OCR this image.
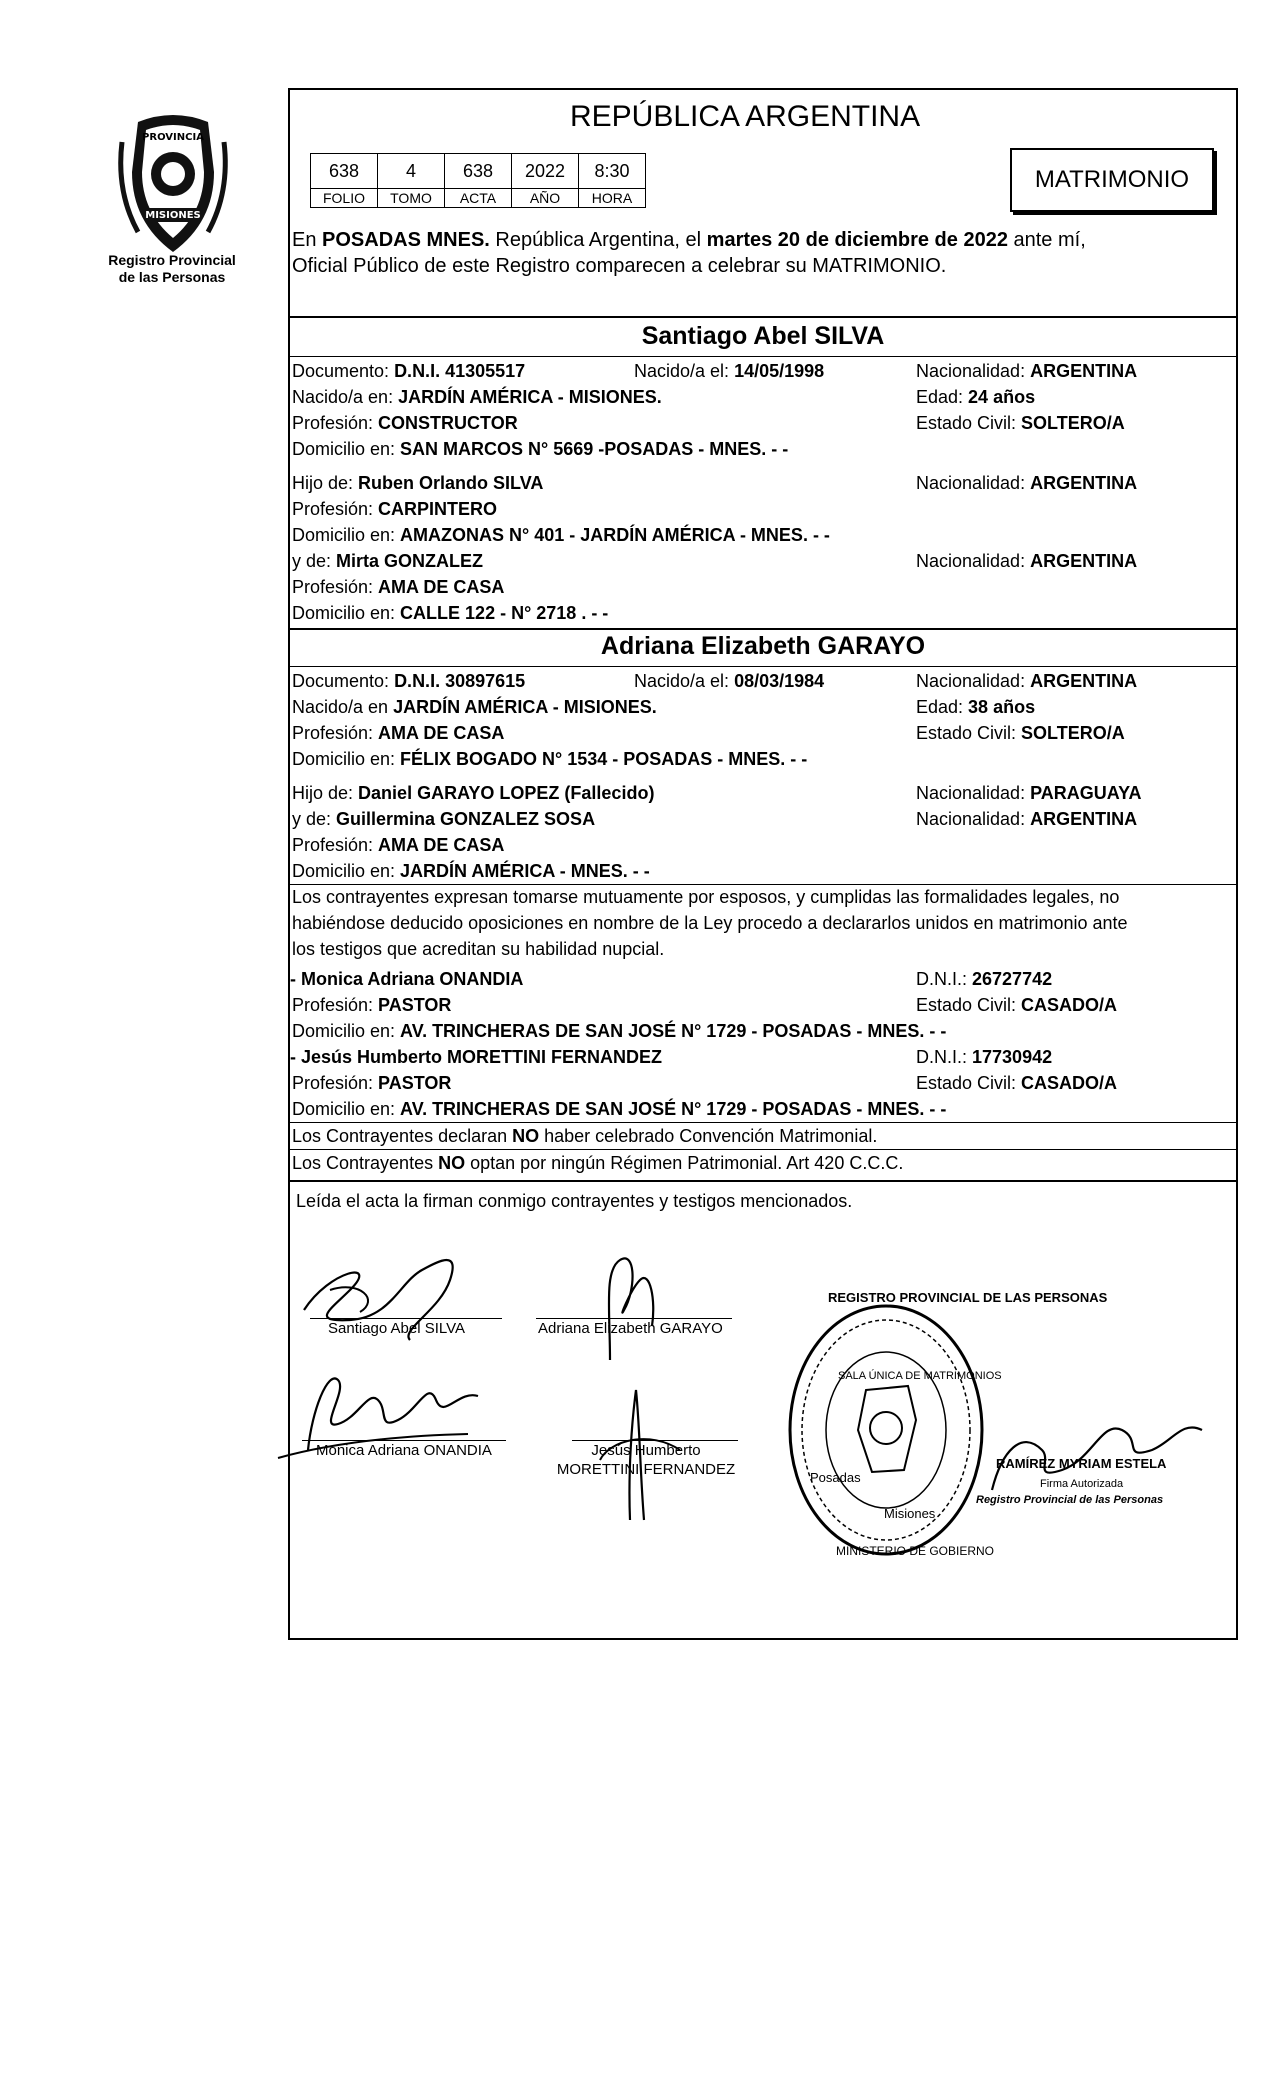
PROVINCIA
MISIONES
Registro Provincial
de las Personas
REPÚBLICA ARGENTINA
638	4	638	2022	8:30
FOLIO	TOMO	ACTA	AÑO	HORA
MATRIMONIO
En POSADAS MNES. República Argentina, el martes 20 de diciembre de 2022 ante mí,
Oficial Público de este Registro comparecen a celebrar su MATRIMONIO.
Santiago Abel SILVA
Documento: D.N.I. 41305517	Nacido/a el: 14/05/1998	Nacionalidad: ARGENTINA
Nacido/a en: JARDÍN AMÉRICA - MISIONES.	Edad: 24 años
Profesión: CONSTRUCTOR	Estado Civil: SOLTERO/A
Domicilio en: SAN MARCOS N° 5669 -POSADAS - MNES. - -
Hijo de: Ruben Orlando SILVA	Nacionalidad: ARGENTINA
Profesión: CARPINTERO
Domicilio en: AMAZONAS N° 401 - JARDÍN AMÉRICA - MNES. - -
y de: Mirta GONZALEZ	Nacionalidad: ARGENTINA
Profesión: AMA DE CASA
Domicilio en: CALLE 122 - N° 2718 . - -
Adriana Elizabeth GARAYO
Documento: D.N.I. 30897615	Nacido/a el: 08/03/1984	Nacionalidad: ARGENTINA
Nacido/a en JARDÍN AMÉRICA - MISIONES.	Edad: 38 años
Profesión: AMA DE CASA	Estado Civil: SOLTERO/A
Domicilio en: FÉLIX BOGADO N° 1534 - POSADAS - MNES. - -
Hijo de: Daniel GARAYO LOPEZ (Fallecido)	Nacionalidad: PARAGUAYA
y de: Guillermina GONZALEZ SOSA	Nacionalidad: ARGENTINA
Profesión: AMA DE CASA
Domicilio en: JARDÍN AMÉRICA - MNES. - -
Los contrayentes expresan tomarse mutuamente por esposos, y cumplidas las formalidades legales, no
habiéndose deducido oposiciones en nombre de la Ley procedo a declararlos unidos en matrimonio ante
los testigos que acreditan su habilidad nupcial.
- Monica Adriana ONANDIA	D.N.I.: 26727742
Profesión: PASTOR	Estado Civil: CASADO/A
Domicilio en: AV. TRINCHERAS DE SAN JOSÉ N° 1729 - POSADAS - MNES. - -
- Jesús Humberto MORETTINI FERNANDEZ	D.N.I.: 17730942
Profesión: PASTOR	Estado Civil: CASADO/A
Domicilio en: AV. TRINCHERAS DE SAN JOSÉ N° 1729 - POSADAS - MNES. - -
Los Contrayentes declaran NO haber celebrado Convención Matrimonial.
Los Contrayentes NO optan por ningún Régimen Patrimonial. Art 420 C.C.C.
Leída el acta la firman conmigo contrayentes y testigos mencionados.
Santiago Abel SILVA	Adriana Elizabeth GARAYO
Monica Adriana ONANDIA	Jesús Humberto
MORETTINI FERNANDEZ
REGISTRO PROVINCIAL DE LAS PERSONAS
SALA ÚNICA DE MATRIMONIOS
Posadas
Misiones
MINISTERIO DE GOBIERNO
RAMÍREZ MYRIAM ESTELA
Firma Autorizada
Registro Provincial de las Personas
